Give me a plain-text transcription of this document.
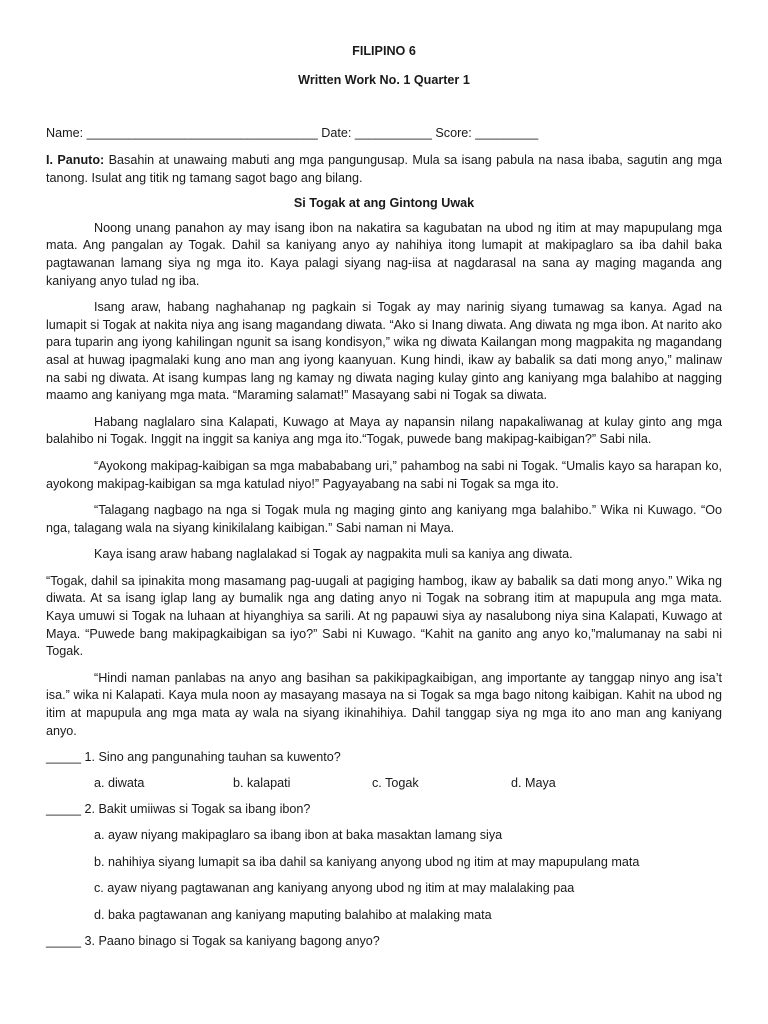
FILIPINO 6
Written Work No. 1 Quarter 1
Name: _________________________________ Date: ___________ Score: _________

I. Panuto: Basahin at unawaing mabuti ang mga pangungusap. Mula sa isang pabula na nasa ibaba, sagutin ang mga tanong. Isulat ang titik ng tamang sagot bago ang bilang.

Si Togak at ang Gintong Uwak

Noong unang panahon ay may isang ibon na nakatira sa kagubatan na ubod ng itim at may mapupulang mga mata. Ang pangalan ay Togak. Dahil sa kaniyang anyo ay nahihiya itong lumapit at makipaglaro sa iba dahil baka pagtawanan lamang siya ng mga ito. Kaya palagi siyang nag-iisa at nagdarasal na sana ay maging maganda ang kaniyang anyo tulad ng iba.

Isang araw, habang naghahanap ng pagkain si Togak ay may narinig siyang tumawag sa kanya. Agad na lumapit si Togak at nakita niya ang isang magandang diwata. “Ako si Inang diwata. Ang diwata ng mga ibon. At narito ako para tuparin ang iyong kahilingan ngunit sa isang kondisyon,” wika ng diwata Kailangan mong magpakita ng magandang asal at huwag ipagmalaki kung ano man ang iyong kaanyuan. Kung hindi, ikaw ay babalik sa dati mong anyo,” malinaw na sabi ng diwata. At isang kumpas lang ng kamay ng diwata naging kulay ginto ang kaniyang mga balahibo at nagging maamo ang kaniyang mga mata. “Maraming salamat!” Masayang sabi ni Togak sa diwata.

Habang naglalaro sina Kalapati, Kuwago at Maya ay napansin nilang napakaliwanag at kulay ginto ang mga balahibo ni Togak. Inggit na inggit sa kaniya ang mga ito.“Togak, puwede bang makipag-kaibigan?” Sabi nila.

“Ayokong makipag-kaibigan sa mga mabababang uri,” pahambog na sabi ni Togak. “Umalis kayo sa harapan ko, ayokong makipag-kaibigan sa mga katulad niyo!” Pagyayabang na sabi ni Togak sa mga ito.

“Talagang nagbago na nga si Togak mula ng maging ginto ang kaniyang mga balahibo.” Wika ni Kuwago. “Oo nga, talagang wala na siyang kinikilalang kaibigan.” Sabi naman ni Maya.

Kaya isang araw habang naglalakad si Togak ay nagpakita muli sa kaniya ang diwata.

“Togak, dahil sa ipinakita mong masamang pag-uugali at pagiging hambog, ikaw ay babalik sa dati mong anyo.” Wika ng diwata. At sa isang iglap lang ay bumalik nga ang dating anyo ni Togak na sobrang itim at mapupula ang mga mata. Kaya umuwi si Togak na luhaan at hiyanghiya sa sarili. At ng papauwi siya ay nasalubong niya sina Kalapati, Kuwago at Maya. “Puwede bang makipagkaibigan sa iyo?” Sabi ni Kuwago. “Kahit na ganito ang anyo ko,”malumanay na sabi ni Togak.

“Hindi naman panlabas na anyo ang basihan sa pakikipagkaibigan, ang importante ay tanggap ninyo ang isa’t isa.” wika ni Kalapati. Kaya mula noon ay masayang masaya na si Togak sa mga bago nitong kaibigan. Kahit na ubod ng itim at mapupula ang mga mata ay wala na siyang ikinahihiya. Dahil tanggap siya ng mga ito ano man ang kaniyang anyo.

_____ 1. Sino ang pangunahing tauhan sa kuwento?

a. diwata	b. kalapati	c. Togak	d. Maya

_____ 2. Bakit umiiwas si Togak sa ibang ibon?

a. ayaw niyang makipaglaro sa ibang ibon at baka masaktan lamang siya

b. nahihiya siyang lumapit sa iba dahil sa kaniyang anyong ubod ng itim at may mapupulang mata

c. ayaw niyang pagtawanan ang kaniyang anyong ubod ng itim at may malalaking paa

d. baka pagtawanan ang kaniyang maputing balahibo at malaking mata

_____ 3. Paano binago si Togak sa kaniyang bagong anyo?
